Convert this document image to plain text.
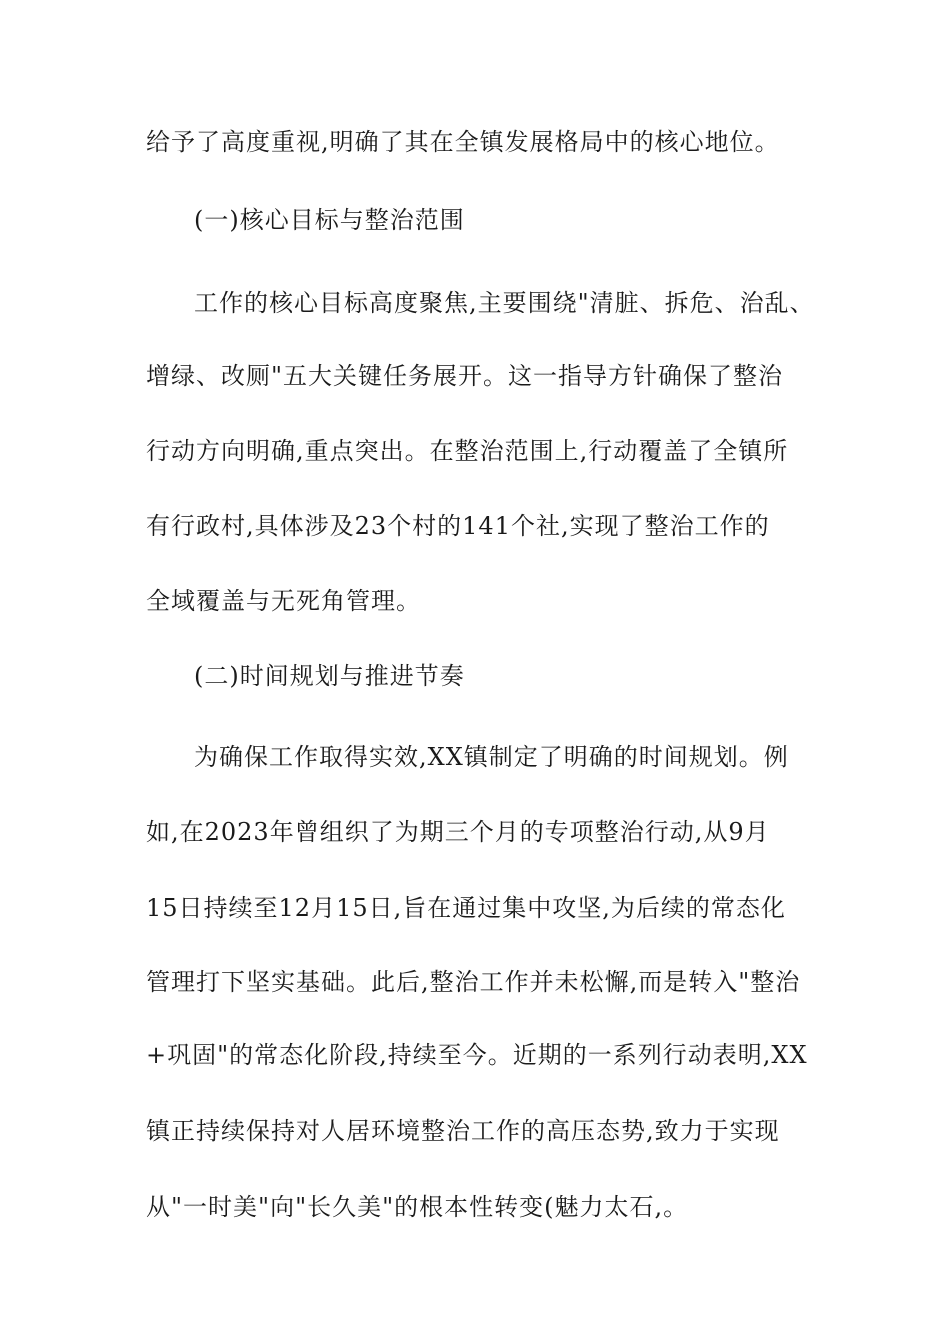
给予了高度重视,明确了其在全镇发展格局中的核心地位。
(一)核心目标与整治范围
工作的核心目标高度聚焦,主要围绕"清脏、拆危、治乱、
增绿、改厕"五大关键任务展开。这一指导方针确保了整治
行动方向明确,重点突出。在整治范围上,行动覆盖了全镇所
有行政村,具体涉及23个村的141个社,实现了整治工作的
全域覆盖与无死角管理。
(二)时间规划与推进节奏
为确保工作取得实效,XX镇制定了明确的时间规划。例
如,在2023年曾组织了为期三个月的专项整治行动,从9月
15日持续至12月15日,旨在通过集中攻坚,为后续的常态化
管理打下坚实基础。此后,整治工作并未松懈,而是转入"整治
+巩固"的常态化阶段,持续至今。近期的一系列行动表明,XX
镇正持续保持对人居环境整治工作的高压态势,致力于实现
从"一时美"向"长久美"的根本性转变(魅力太石,。
